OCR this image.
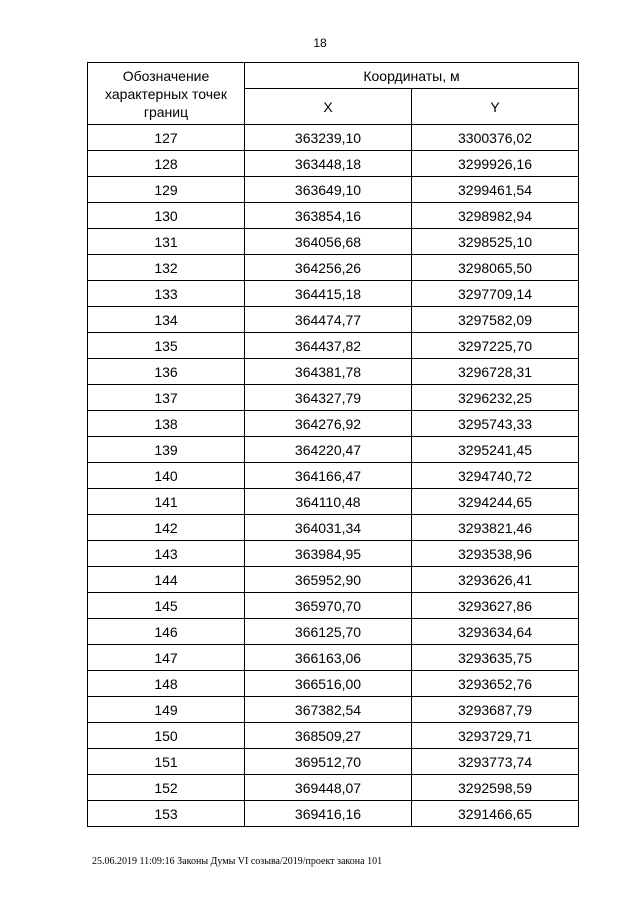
18
Обозначение характерных точек границ	Координаты, м	
	X	Y
127	363239,10	3300376,02
128	363448,18	3299926,16
129	363649,10	3299461,54
130	363854,16	3298982,94
131	364056,68	3298525,10
132	364256,26	3298065,50
133	364415,18	3297709,14
134	364474,77	3297582,09
135	364437,82	3297225,70
136	364381,78	3296728,31
137	364327,79	3296232,25
138	364276,92	3295743,33
139	364220,47	3295241,45
140	364166,47	3294740,72
141	364110,48	3294244,65
142	364031,34	3293821,46
143	363984,95	3293538,96
144	365952,90	3293626,41
145	365970,70	3293627,86
146	366125,70	3293634,64
147	366163,06	3293635,75
148	366516,00	3293652,76
149	367382,54	3293687,79
150	368509,27	3293729,71
151	369512,70	3293773,74
152	369448,07	3292598,59
153	369416,16	3291466,65
25.06.2019 11:09:16 Законы Думы VI созыва/2019/проект закона 101
